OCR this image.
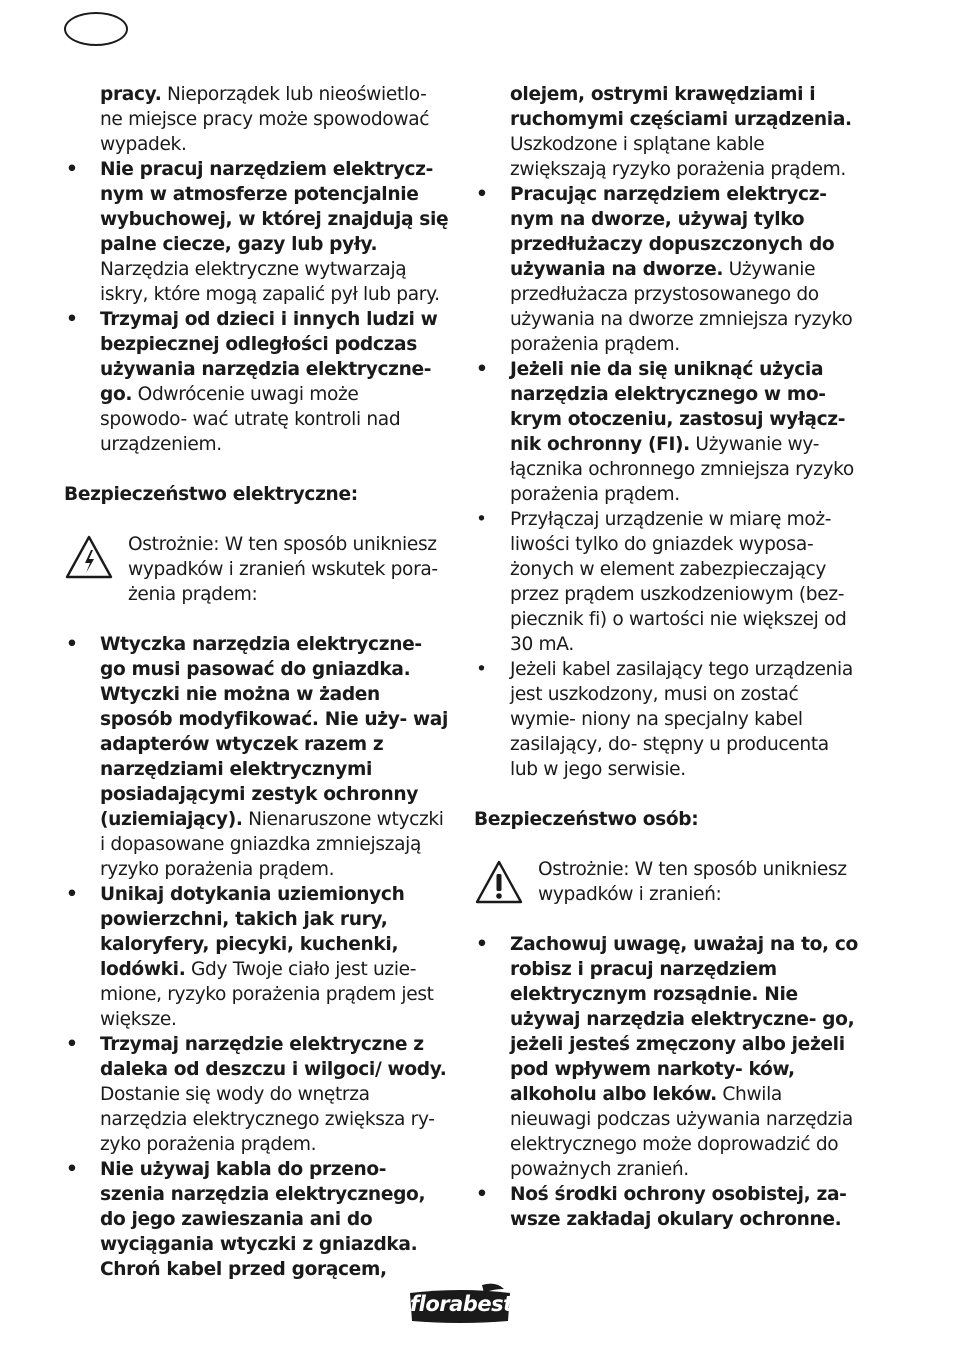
pracy. Nieporządek lub nieoświetlo- ne miejsce pracy może spowodować wypadek.

• Nie pracuj narzędziem elektrycz- nym w atmosferze potencjalnie wybuchowej, w której znajdują się palne ciecze, gazy lub pyły. Narzędzia elektryczne wytwarzają iskry, które mogą zapalić pył lub pary.

• Trzymaj od dzieci i innych ludzi w bezpiecznej odległości podczas używania narzędzia elektryczne- go. Odwrócenie uwagi może spowodo- wać utratę kontroli nad urządzeniem.

Bezpieczeństwo elektryczne:

Ostrożnie: W ten sposób unikniesz wypadków i zranień wskutek pora- żenia prądem:

• Wtyczka narzędzia elektryczne- go musi pasować do gniazdka. Wtyczki nie można w żaden sposób modyfikować. Nie uży- waj adapterów wtyczek razem z narzędziami elektrycznymi posiadającymi zestyk ochronny (uziemiający). Nienaruszone wtyczki i dopasowane gniazdka zmniejszają ryzyko porażenia prądem.

• Unikaj dotykania uziemionych powierzchni, takich jak rury, kaloryfery, piecyki, kuchenki, lodówki. Gdy Twoje ciało jest uzie- mione, ryzyko porażenia prądem jest większe.

• Trzymaj narzędzie elektryczne z daleka od deszczu i wilgoci/ wody. Dostanie się wody do wnętrza narzędzia elektrycznego zwiększa ry- zyko porażenia prądem.

• Nie używaj kabla do przeno- szenia narzędzia elektrycznego, do jego zawieszania ani do wyciągania wtyczki z gniazdka. Chroń kabel przed gorącem,

olejem, ostrymi krawędziami i ruchomymi częściami urządzenia. Uszkodzone i splątane kable zwiększają ryzyko porażenia prądem.

• Pracując narzędziem elektrycz- nym na dworze, używaj tylko przedłużaczy dopuszczonych do używania na dworze. Używanie przedłużacza przystosowanego do używania na dworze zmniejsza ryzyko porażenia prądem.

• Jeżeli nie da się uniknąć użycia narzędzia elektrycznego w mo- krym otoczeniu, zastosuj wyłącz- nik ochronny (FI). Używanie wy- łącznika ochronnego zmniejsza ryzyko porażenia prądem.

• Przyłączaj urządzenie w miarę moż- liwości tylko do gniazdek wyposa- żonych w element zabezpieczający przez prądem uszkodzeniowym (bez- piecznik fi) o wartości nie większej od 30 mA.

• Jeżeli kabel zasilający tego urządzenia jest uszkodzony, musi on zostać wymie- niony na specjalny kabel zasilający, do- stępny u producenta lub w jego serwisie.

Bezpieczeństwo osób:

Ostrożnie: W ten sposób unikniesz wypadków i zranień:

• Zachowuj uwagę, uważaj na to, co robisz i pracuj narzędziem elektrycznym rozsądnie. Nie używaj narzędzia elektryczne- go, jeżeli jesteś zmęczony albo jeżeli pod wpływem narkoty- ków, alkoholu albo leków. Chwila nieuwagi podczas używania narzędzia elektrycznego może doprowadzić do poważnych zranień.

• Noś środki ochrony osobistej, za- wsze zakładaj okulary ochronne.

florabest
